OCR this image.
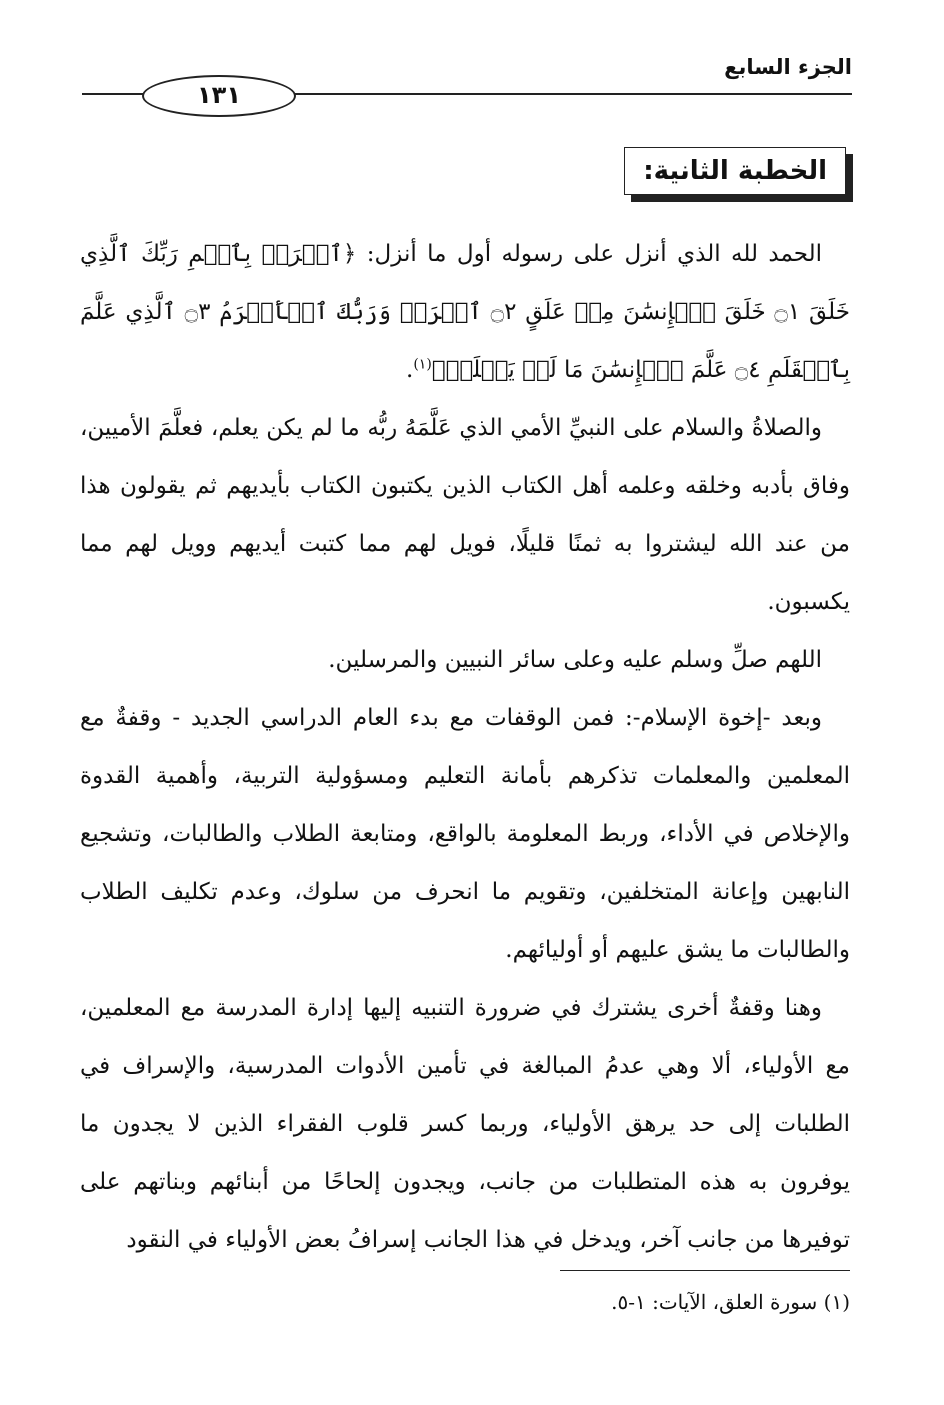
الجزء السابع
١٣١
الخطبة الثانية:

الحمد لله الذي أنزل على رسوله أول ما أنزل: ﴿ٱقۡرَأۡ بِٱسۡمِ رَبِّكَ ٱلَّذِي خَلَقَ ۝١ خَلَقَ ٱلۡإِنسَٰنَ مِنۡ عَلَقٍ ۝٢ ٱقۡرَأۡ وَرَبُّكَ ٱلۡأَكۡرَمُ ۝٣ ٱلَّذِي عَلَّمَ بِٱلۡقَلَمِ ۝٤ عَلَّمَ ٱلۡإِنسَٰنَ مَا لَمۡ يَعۡلَمۡ﴾$^{(١)}$.

والصلاةُ والسلام على النبيِّ الأمي الذي عَلَّمَهُ ربُّه ما لم يكن يعلم، فعلَّمَ الأميين، وفاق بأدبه وخلقه وعلمه أهل الكتاب الذين يكتبون الكتاب بأيديهم ثم يقولون هذا من عند الله ليشتروا به ثمنًا قليلًا، فويل لهم مما كتبت أيديهم وويل لهم مما يكسبون.

اللهم صلِّ وسلم عليه وعلى سائر النبيين والمرسلين.

وبعد -إخوة الإسلام-: فمن الوقفات مع بدء العام الدراسي الجديد - وقفةٌ مع المعلمين والمعلمات تذكرهم بأمانة التعليم ومسؤولية التربية، وأهمية القدوة والإخلاص في الأداء، وربط المعلومة بالواقع، ومتابعة الطلاب والطالبات، وتشجيع النابهين وإعانة المتخلفين، وتقويم ما انحرف من سلوك، وعدم تكليف الطلاب والطالبات ما يشق عليهم أو أوليائهم.

وهنا وقفةٌ أخرى يشترك في ضرورة التنبيه إليها إدارة المدرسة مع المعلمين، مع الأولياء، ألا وهي عدمُ المبالغة في تأمين الأدوات المدرسية، والإسراف في الطلبات إلى حد يرهق الأولياء، وربما كسر قلوب الفقراء الذين لا يجدون ما يوفرون به هذه المتطلبات من جانب، ويجدون إلحاحًا من أبنائهم وبناتهم على توفيرها من جانب آخر، ويدخل في هذا الجانب إسرافُ بعض الأولياء في النقود

(١) سورة العلق، الآيات: ١-٥.
